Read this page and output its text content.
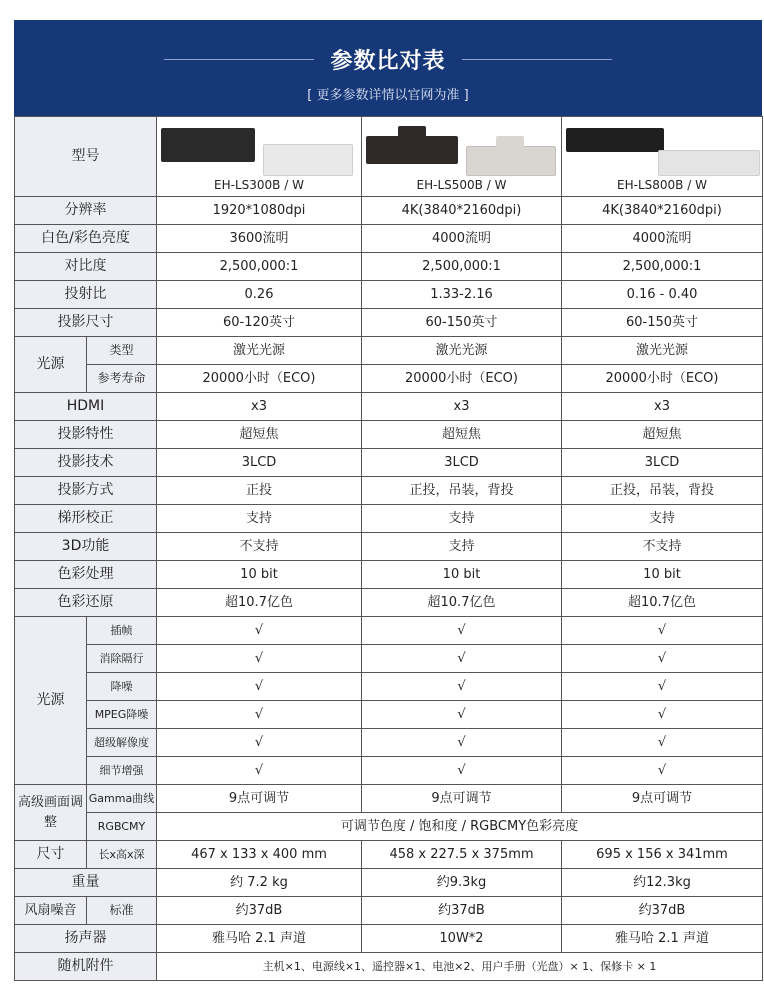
参数比对表
[ 更多参数详情以官网为准 ]
型号		EH-LS300B / W	EH-LS500B / W	EH-LS800B / W

分辨率		1920*1080dpi	4K(3840*2160dpi)	4K(3840*2160dpi)
白色/彩色亮度		3600流明	4000流明	4000流明
对比度		2,500,000:1	2,500,000:1	2,500,000:1
投射比		0.26	1.33-2.16	0.16 - 0.40
投影尺寸		60-120英寸	60-150英寸	60-150英寸
光源	类型	激光光源	激光光源	激光光源
	参考寿命	20000小时（ECO)	20000小时（ECO)	20000小时（ECO)
HDMI		x3	x3	x3
投影特性		超短焦	超短焦	超短焦
投影技术		3LCD	3LCD	3LCD
投影方式		正投	正投，吊装，背投	正投，吊装，背投
梯形校正		支持	支持	支持
3D功能		不支持	支持	不支持
色彩处理		10 bit	10 bit	10 bit
色彩还原		超10.7亿色	超10.7亿色	超10.7亿色
光源	插帧	√	√	√
	消除隔行	√	√	√
	降噪	√	√	√
	MPEG降噪	√	√	√
	超级解像度	√	√	√
	细节增强	√	√	√
高级画面调整	Gamma曲线	9点可调节	9点可调节	9点可调节
	RGBCMY	可调节色度 / 饱和度 / RGBCMY色彩亮度		
尺寸	长x高x深	467 x 133 x 400 mm	458 x 227.5 x 375mm	695 x 156 x 341mm
重量		约 7.2 kg	约9.3kg	约12.3kg
风扇噪音	标准	约37dB	约37dB	约37dB
扬声器		雅马哈 2.1 声道	10W*2	雅马哈 2.1 声道
随机附件		主机×1、电源线×1、遥控器×1、电池×2、用户手册（光盘）× 1、保修卡 × 1		
